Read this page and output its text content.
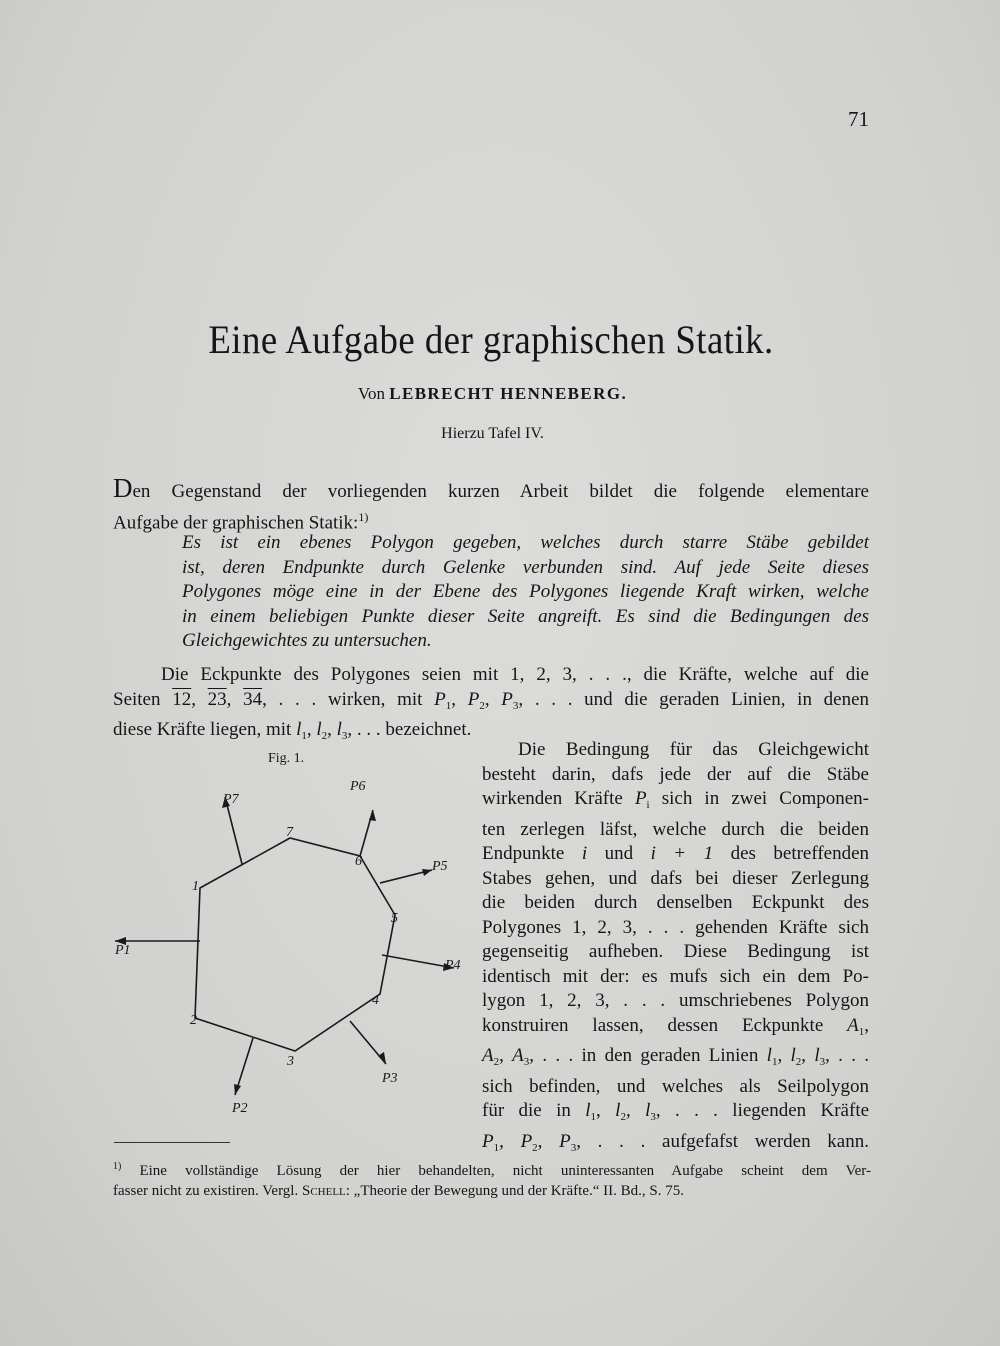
71
Eine Aufgabe der graphischen Statik.
Von LEBRECHT HENNEBERG.
Hierzu Tafel IV.
Den Gegenstand der vorliegenden kurzen Arbeit bildet die folgende elementare
Aufgabe der graphischen Statik:$^{1)}$
Es ist ein ebenes Polygon gegeben, welches durch starre Stäbe gebildet
ist, deren Endpunkte durch Gelenke verbunden sind. Auf jede Seite dieses
Polygones möge eine in der Ebene des Polygones liegende Kraft wirken, welche
in einem beliebigen Punkte dieser Seite angreift. Es sind die Bedingungen des
Gleichgewichtes zu untersuchen.
Die Eckpunkte des Polygones seien mit 1, 2, 3, . . ., die Kräfte, welche auf die
Seiten 12, 23, 34, . . . wirken, mit $P_1$, $P_2$, $P_3$, . . . und die geraden Linien, in denen
diese Kräfte liegen, mit $l_1$, $l_2$, $l_3$, . . . bezeichnet.
Fig. 1.
1
2
3
4
5
6
7
P1
P2
P3
P4
P5
P6
P7
Die Bedingung für das Gleichgewicht
besteht darin, dafs jede der auf die Stäbe
wirkenden Kräfte $P_i$ sich in zwei Componen-
ten zerlegen läfst, welche durch die beiden
Endpunkte i und i + 1 des betreffenden
Stabes gehen, und dafs bei dieser Zerlegung
die beiden durch denselben Eckpunkt des
Polygones 1, 2, 3, . . . gehenden Kräfte sich
gegenseitig aufheben. Diese Bedingung ist
identisch mit der: es mufs sich ein dem Po-
lygon 1, 2, 3, . . . umschriebenes Polygon
konstruiren lassen, dessen Eckpunkte $A_1$,
$A_2$, $A_3$, . . . in den geraden Linien $l_1$, $l_2$, $l_3$, . . .
sich befinden, und welches als Seilpolygon
für die in $l_1$, $l_2$, $l_3$, . . . liegenden Kräfte
$P_1$, $P_2$, $P_3$, . . . aufgefafst werden kann.
$^{1)}$ Eine vollständige Lösung der hier behandelten, nicht uninteressanten Aufgabe scheint dem Ver-
fasser nicht zu existiren. Vergl. Schell: „Theorie der Bewegung und der Kräfte.“ II. Bd., S. 75.
